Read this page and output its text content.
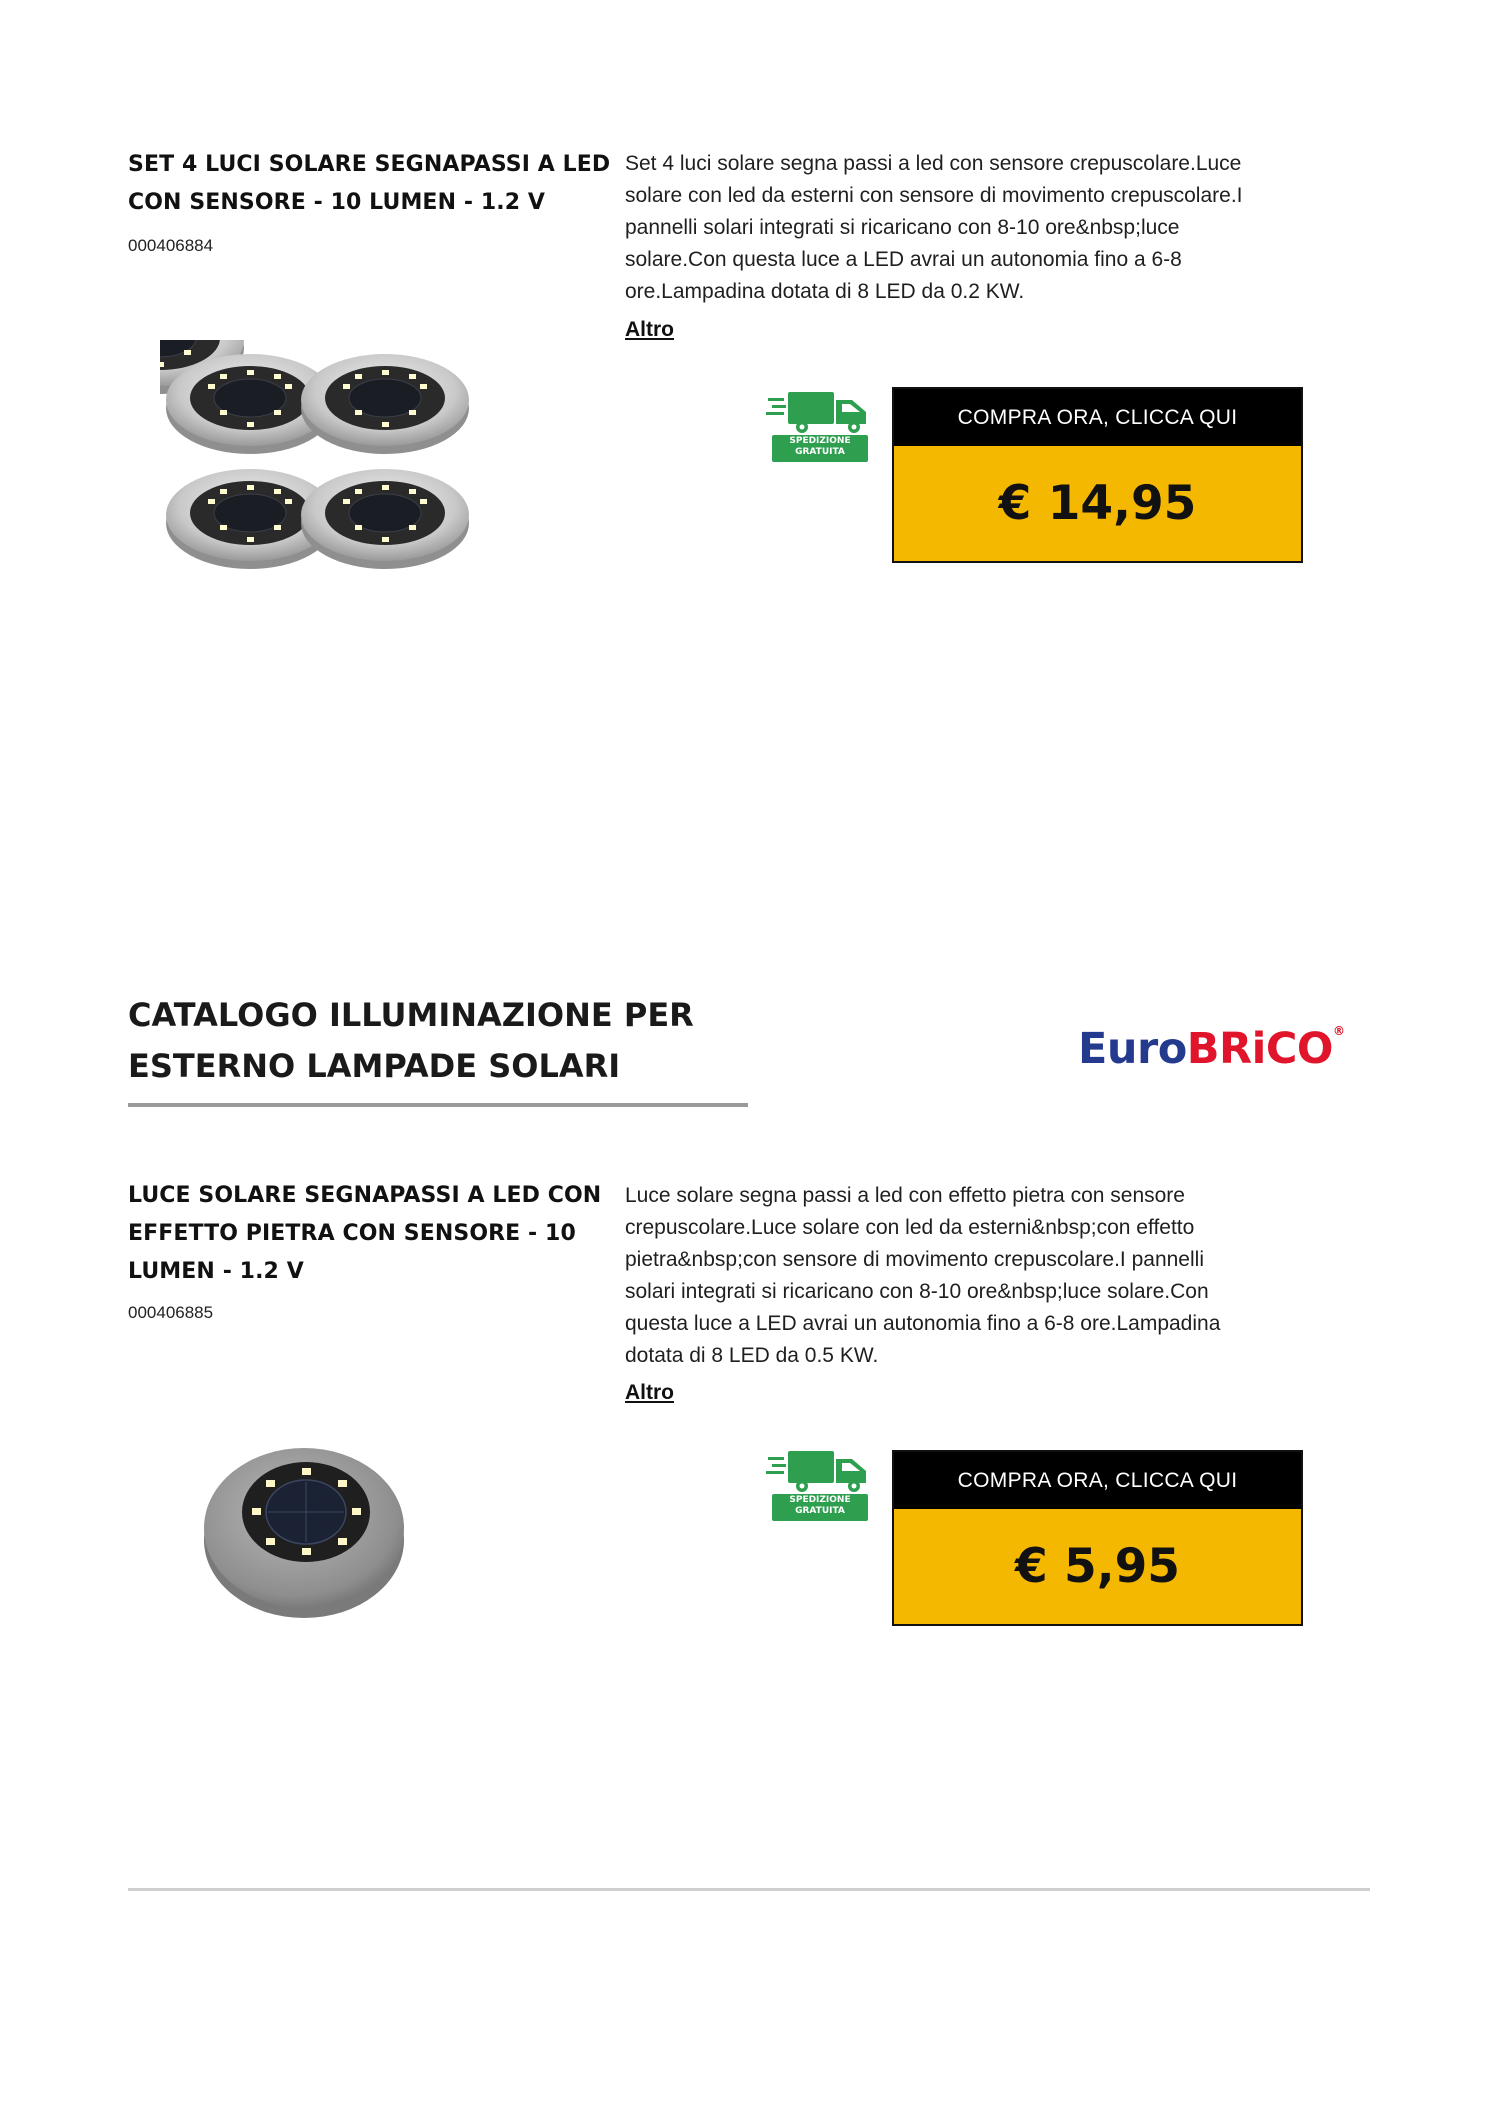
SET 4 LUCI SOLARE SEGNAPASSI A LED
CON SENSORE - 10 LUMEN - 1.2 V
000406884
Set 4 luci solare segna passi a led con sensore crepuscolare.Luce
solare con led da esterni con sensore di movimento crepuscolare.I
pannelli solari integrati si ricaricano con 8-10 ore&nbsp;luce
solare.Con questa luce a LED avrai un autonomia fino a 6-8
ore.Lampadina dotata di 8 LED da 0.2 KW.
Altro
SPEDIZIONE
GRATUITA
COMPRA ORA, CLICCA QUI
€ 14,95
CATALOGO ILLUMINAZIONE PER
ESTERNO LAMPADE SOLARI	EuroBRiCO®
LUCE SOLARE SEGNAPASSI A LED CON
EFFETTO PIETRA CON SENSORE - 10
LUMEN - 1.2 V
000406885
Luce solare segna passi a led con effetto pietra con sensore
crepuscolare.Luce solare con led da esterni&nbsp;con effetto
pietra&nbsp;con sensore di movimento crepuscolare.I pannelli
solari integrati si ricaricano con 8-10 ore&nbsp;luce solare.Con
questa luce a LED avrai un autonomia fino a 6-8 ore.Lampadina
dotata di 8 LED da 0.5 KW.
Altro
SPEDIZIONE
GRATUITA
COMPRA ORA, CLICCA QUI
€ 5,95
